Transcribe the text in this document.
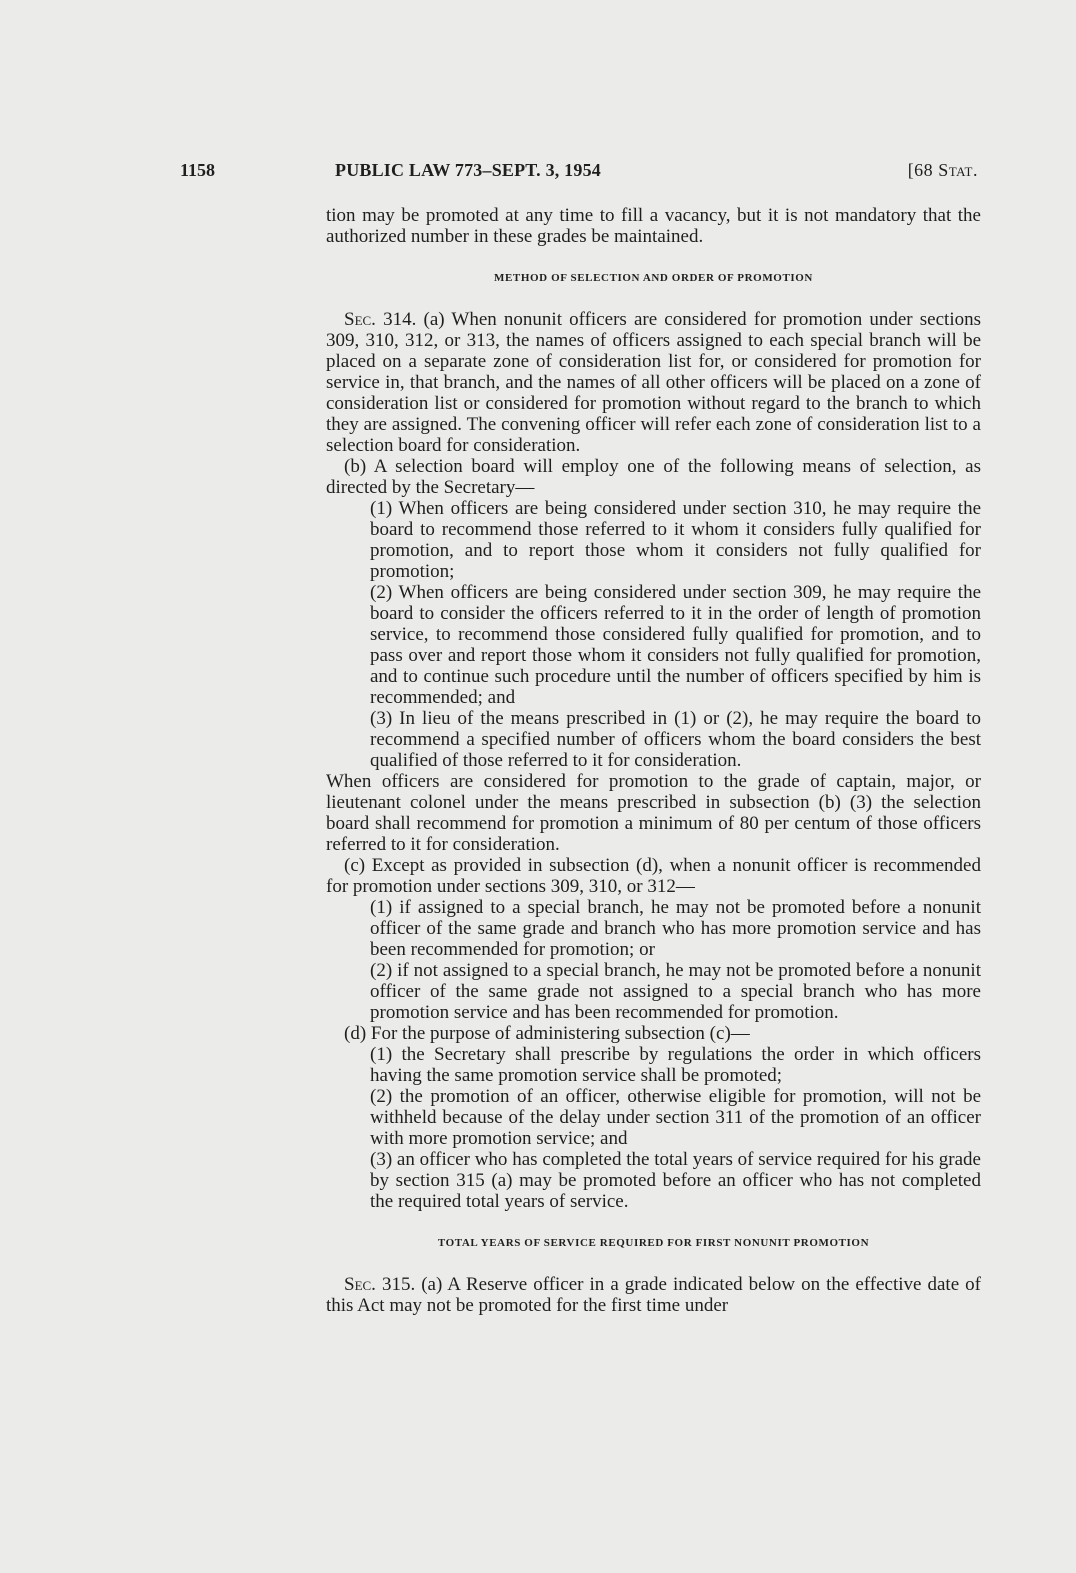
1158	PUBLIC LAW 773–SEPT. 3, 1954	[68 Stat.

tion may be promoted at any time to fill a vacancy, but it is not mandatory that the authorized number in these grades be maintained.

METHOD OF SELECTION AND ORDER OF PROMOTION

Sec. 314. (a) When nonunit officers are considered for promotion under sections 309, 310, 312, or 313, the names of officers assigned to each special branch will be placed on a separate zone of consideration list for, or considered for promotion for service in, that branch, and the names of all other officers will be placed on a zone of consideration list or considered for promotion without regard to the branch to which they are assigned. The convening officer will refer each zone of consideration list to a selection board for consideration.

(b) A selection board will employ one of the following means of selection, as directed by the Secretary—

(1) When officers are being considered under section 310, he may require the board to recommend those referred to it whom it considers fully qualified for promotion, and to report those whom it considers not fully qualified for promotion;

(2) When officers are being considered under section 309, he may require the board to consider the officers referred to it in the order of length of promotion service, to recommend those considered fully qualified for promotion, and to pass over and report those whom it considers not fully qualified for promotion, and to continue such procedure until the number of officers specified by him is recommended; and

(3) In lieu of the means prescribed in (1) or (2), he may require the board to recommend a specified number of officers whom the board considers the best qualified of those referred to it for consideration.

When officers are considered for promotion to the grade of captain, major, or lieutenant colonel under the means prescribed in subsection (b) (3) the selection board shall recommend for promotion a minimum of 80 per centum of those officers referred to it for consideration.

(c) Except as provided in subsection (d), when a nonunit officer is recommended for promotion under sections 309, 310, or 312—

(1) if assigned to a special branch, he may not be promoted before a nonunit officer of the same grade and branch who has more promotion service and has been recommended for promotion; or

(2) if not assigned to a special branch, he may not be promoted before a nonunit officer of the same grade not assigned to a special branch who has more promotion service and has been recommended for promotion.

(d) For the purpose of administering subsection (c)—

(1) the Secretary shall prescribe by regulations the order in which officers having the same promotion service shall be promoted;

(2) the promotion of an officer, otherwise eligible for promotion, will not be withheld because of the delay under section 311 of the promotion of an officer with more promotion service; and

(3) an officer who has completed the total years of service required for his grade by section 315 (a) may be promoted before an officer who has not completed the required total years of service.

TOTAL YEARS OF SERVICE REQUIRED FOR FIRST NONUNIT PROMOTION

Sec. 315. (a) A Reserve officer in a grade indicated below on the effective date of this Act may not be promoted for the first time under
